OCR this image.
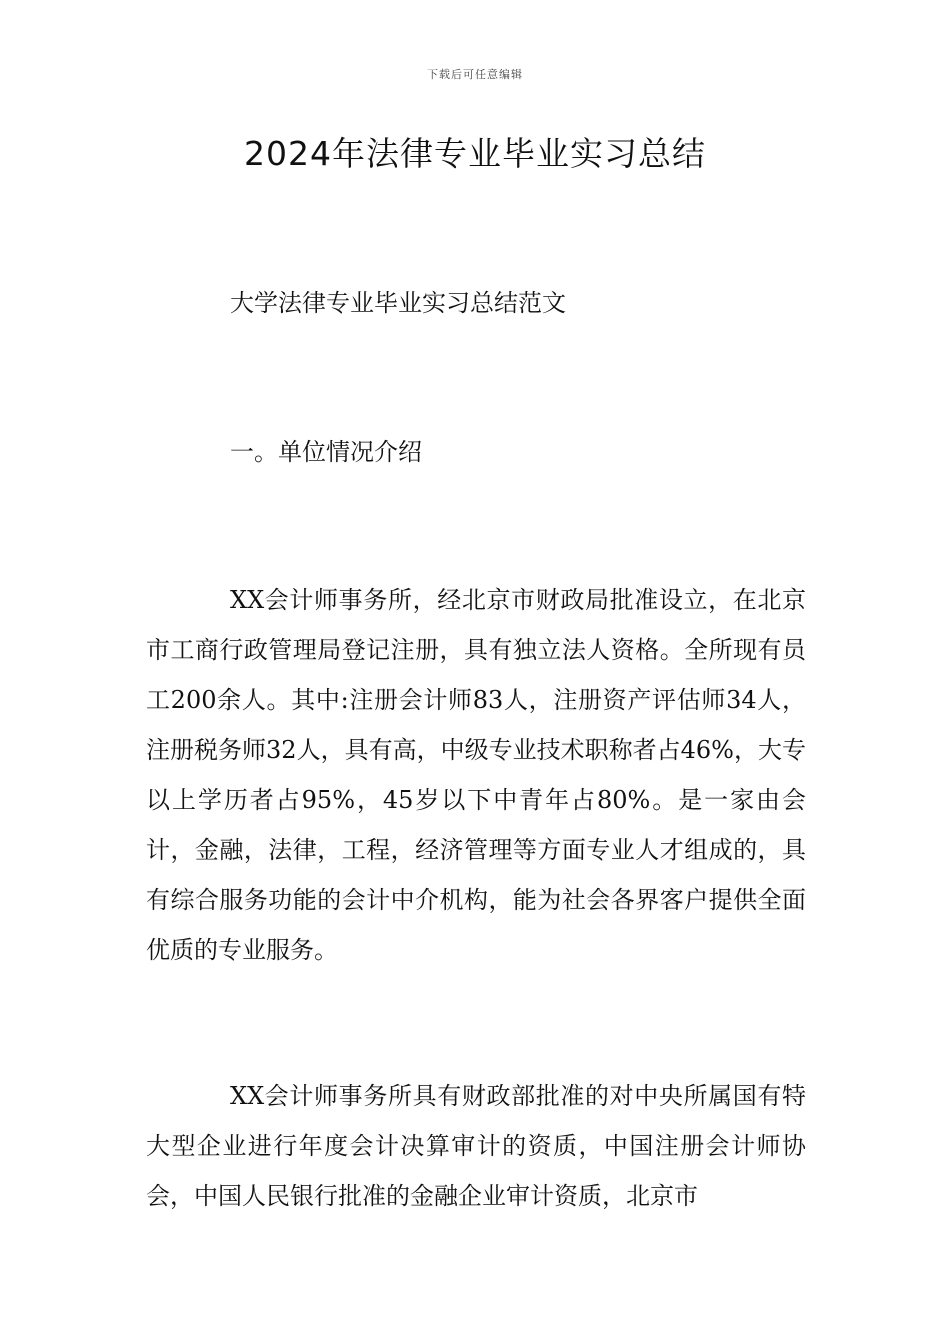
下载后可任意编辑
2024年法律专业毕业实习总结
大学法律专业毕业实习总结范文
一。单位情况介绍

XX会计师事务所，经北京市财政局批准设立，在北京市工商行政管理局登记注册，具有独立法人资格。全所现有员工200余人。其中:注册会计师83人，注册资产评估师34人，注册税务师32人，具有高，中级专业技术职称者占46%，大专以上学历者占95%，45岁以下中青年占80%。是一家由会计，金融，法律，工程，经济管理等方面专业人才组成的，具有综合服务功能的会计中介机构，能为社会各界客户提供全面优质的专业服务。

XX会计师事务所具有财政部批准的对中央所属国有特大型企业进行年度会计决算审计的资质，中国注册会计师协会，中国人民银行批准的金融企业审计资质，北京市
